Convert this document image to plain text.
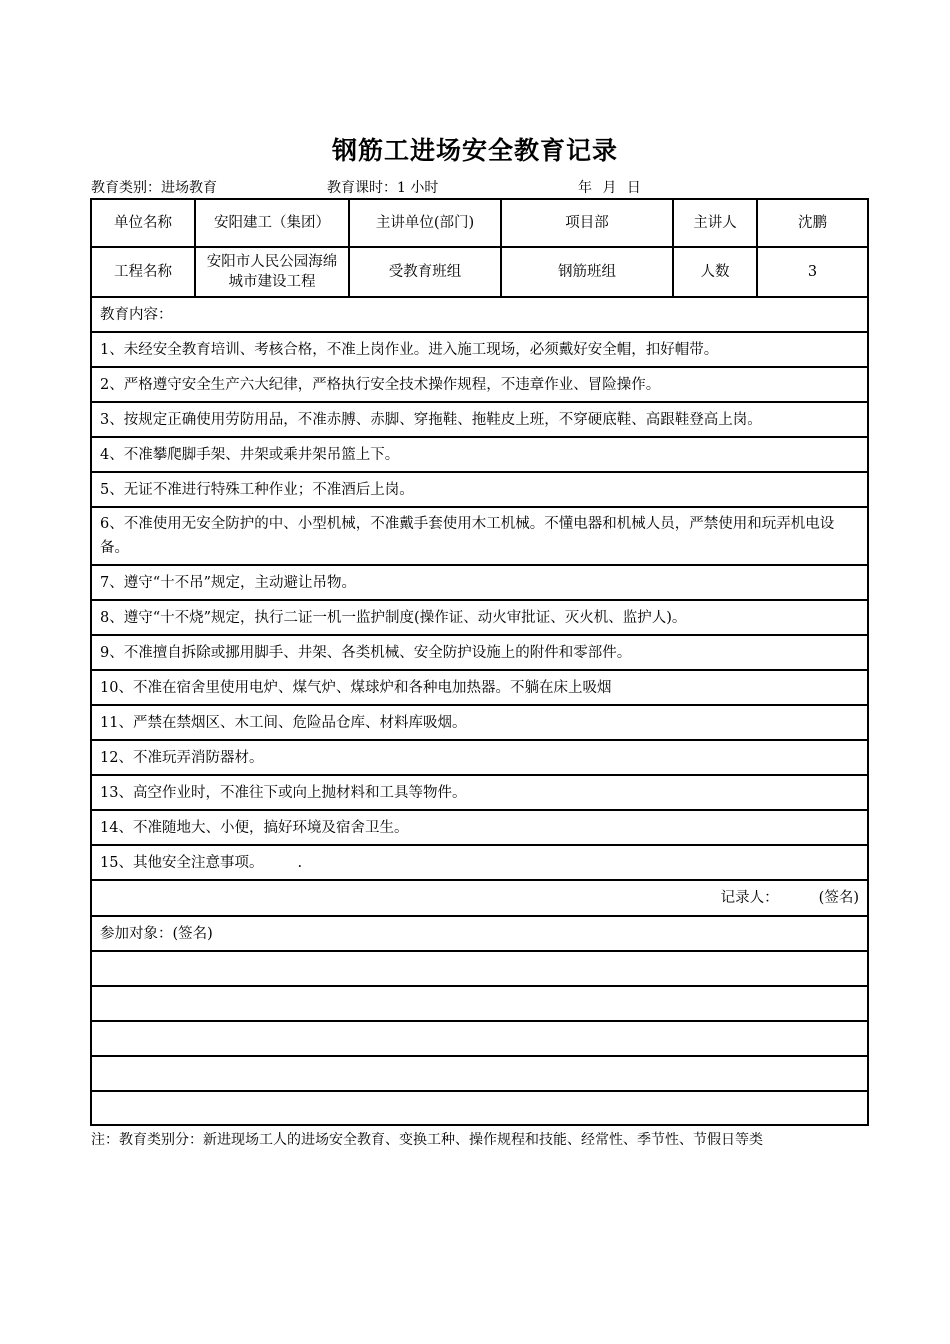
钢筋工进场安全教育记录
教育类别：进场教育	教育课时：1 小时	年 月 日
单位名称	安阳建工（集团）	主讲单位(部门)	项目部	主讲人	沈鹏
工程名称	安阳市人民公园海绵城市建设工程	受教育班组	钢筋班组	人数	3
教育内容：					
1、未经安全教育培训、考核合格，不准上岗作业。进入施工现场，必须戴好安全帽，扣好帽带。					
2、严格遵守安全生产六大纪律，严格执行安全技术操作规程，不违章作业、冒险操作。					
3、按规定正确使用劳防用品，不准赤膊、赤脚、穿拖鞋、拖鞋皮上班，不穿硬底鞋、高跟鞋登高上岗。					
4、不准攀爬脚手架、井架或乘井架吊篮上下。					
5、无证不准进行特殊工种作业；不准酒后上岗。					
6、不准使用无安全防护的中、小型机械，不准戴手套使用木工机械。不懂电器和机械人员，严禁使用和玩弄机电设备。					
7、遵守“十不吊”规定，主动避让吊物。					
8、遵守“十不烧”规定，执行二证一机一监护制度(操作证、动火审批证、灭火机、监护人)。					
9、不准擅自拆除或挪用脚手、井架、各类机械、安全防护设施上的附件和零部件。					
10、不准在宿舍里使用电炉、煤气炉、煤球炉和各种电加热器。不躺在床上吸烟					
11、严禁在禁烟区、木工间、危险品仓库、材料库吸烟。					
12、不准玩弄消防器材。					
13、高空作业时，不准往下或向上抛材料和工具等物件。					
14、不准随地大、小便，搞好环境及宿舍卫生。					
15、其他安全注意事项。 .					
记录人： (签名)					
参加对象：(签名)					

注：教育类别分：新进现场工人的进场安全教育、变换工种、操作规程和技能、经常性、季节性、节假日等类
